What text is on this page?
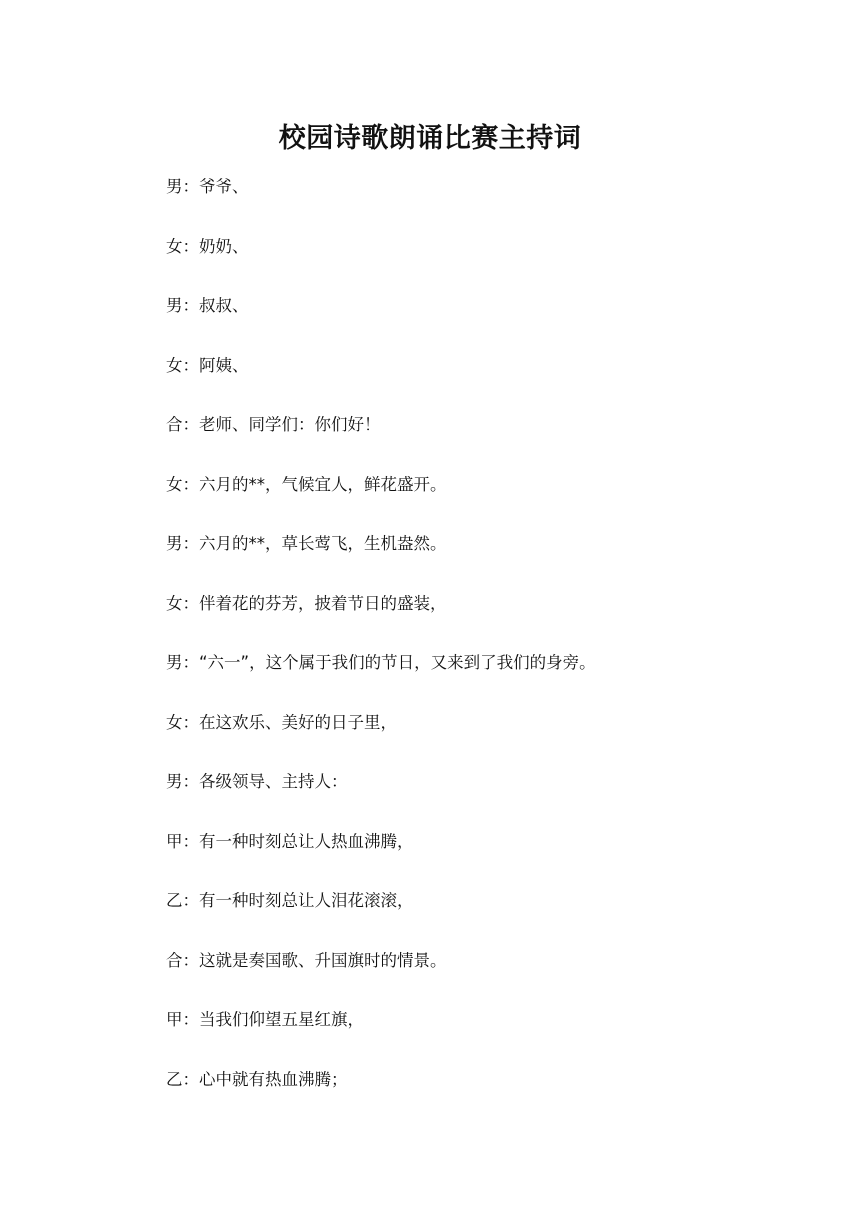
校园诗歌朗诵比赛主持词
男：爷爷、
女：奶奶、
男：叔叔、
女：阿姨、
合：老师、同学们：你们好！
女：六月的**，气候宜人，鲜花盛开。
男：六月的**，草长莺飞，生机盎然。
女：伴着花的芬芳，披着节日的盛装，
男：“六一”，这个属于我们的节日，又来到了我们的身旁。
女：在这欢乐、美好的日子里，
男：各级领导、主持人：
甲：有一种时刻总让人热血沸腾，
乙：有一种时刻总让人泪花滚滚，
合：这就是奏国歌、升国旗时的情景。
甲：当我们仰望五星红旗，
乙：心中就有热血沸腾；
